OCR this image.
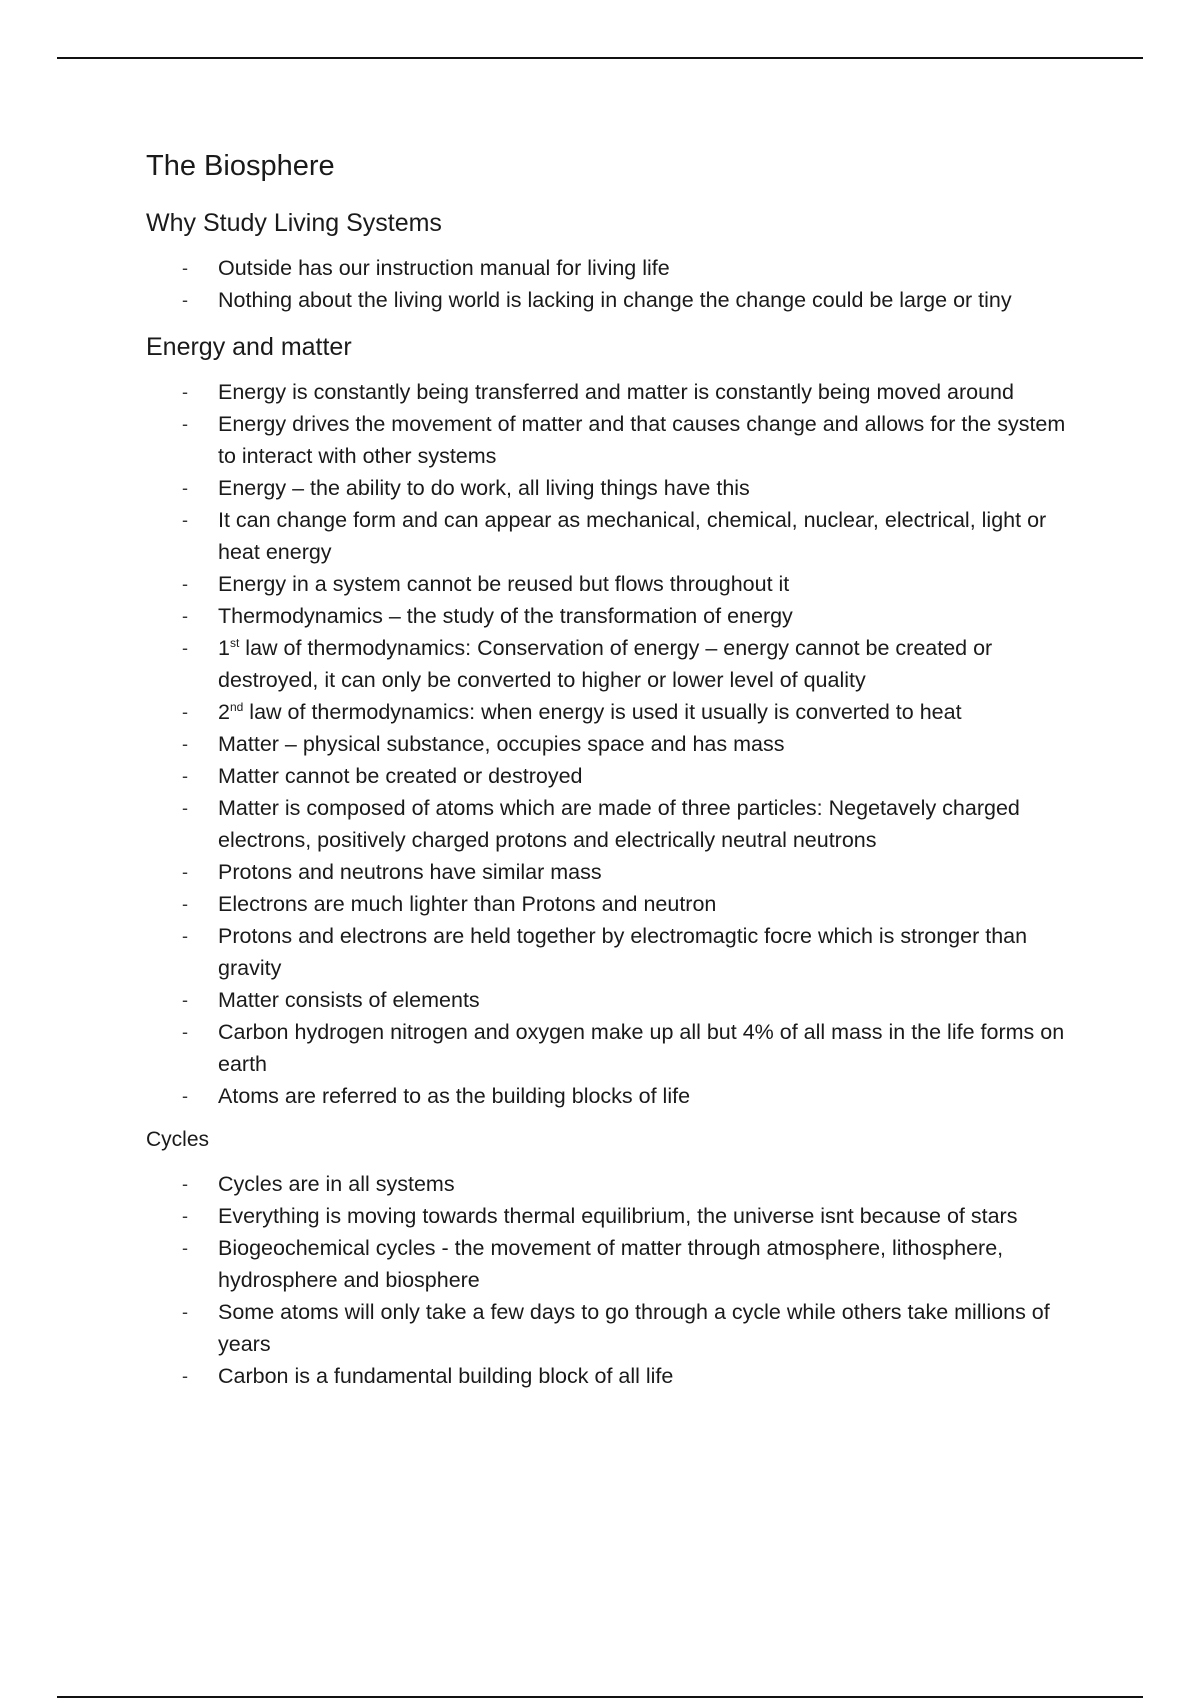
The Biosphere
Why Study Living Systems
- Outside has our instruction manual for living life
- Nothing about the living world is lacking in change the change could be large or tiny
Energy and matter
- Energy is constantly being transferred and matter is constantly being moved around
- Energy drives the movement of matter and that causes change and allows for the system to interact with other systems
- Energy – the ability to do work, all living things have this
- It can change form and can appear as mechanical, chemical, nuclear, electrical, light or heat energy
- Energy in a system cannot be reused but flows throughout it
- Thermodynamics – the study of the transformation of energy
- 1st law of thermodynamics: Conservation of energy – energy cannot be created or destroyed, it can only be converted to higher or lower level of quality
- 2nd law of thermodynamics: when energy is used it usually is converted to heat
- Matter – physical substance, occupies space and has mass
- Matter cannot be created or destroyed
- Matter is composed of atoms which are made of three particles: Negetavely charged electrons, positively charged protons and electrically neutral neutrons
- Protons and neutrons have similar mass
- Electrons are much lighter than Protons and neutron
- Protons and electrons are held together by electromagtic focre which is stronger than gravity
- Matter consists of elements
- Carbon hydrogen nitrogen and oxygen make up all but 4% of all mass in the life forms on earth
- Atoms are referred to as the building blocks of life
Cycles
- Cycles are in all systems
- Everything is moving towards thermal equilibrium, the universe isnt because of stars
- Biogeochemical cycles - the movement of matter through atmosphere, lithosphere, hydrosphere and biosphere
- Some atoms will only take a few days to go through a cycle while others take millions of years
- Carbon is a fundamental building block of all life
